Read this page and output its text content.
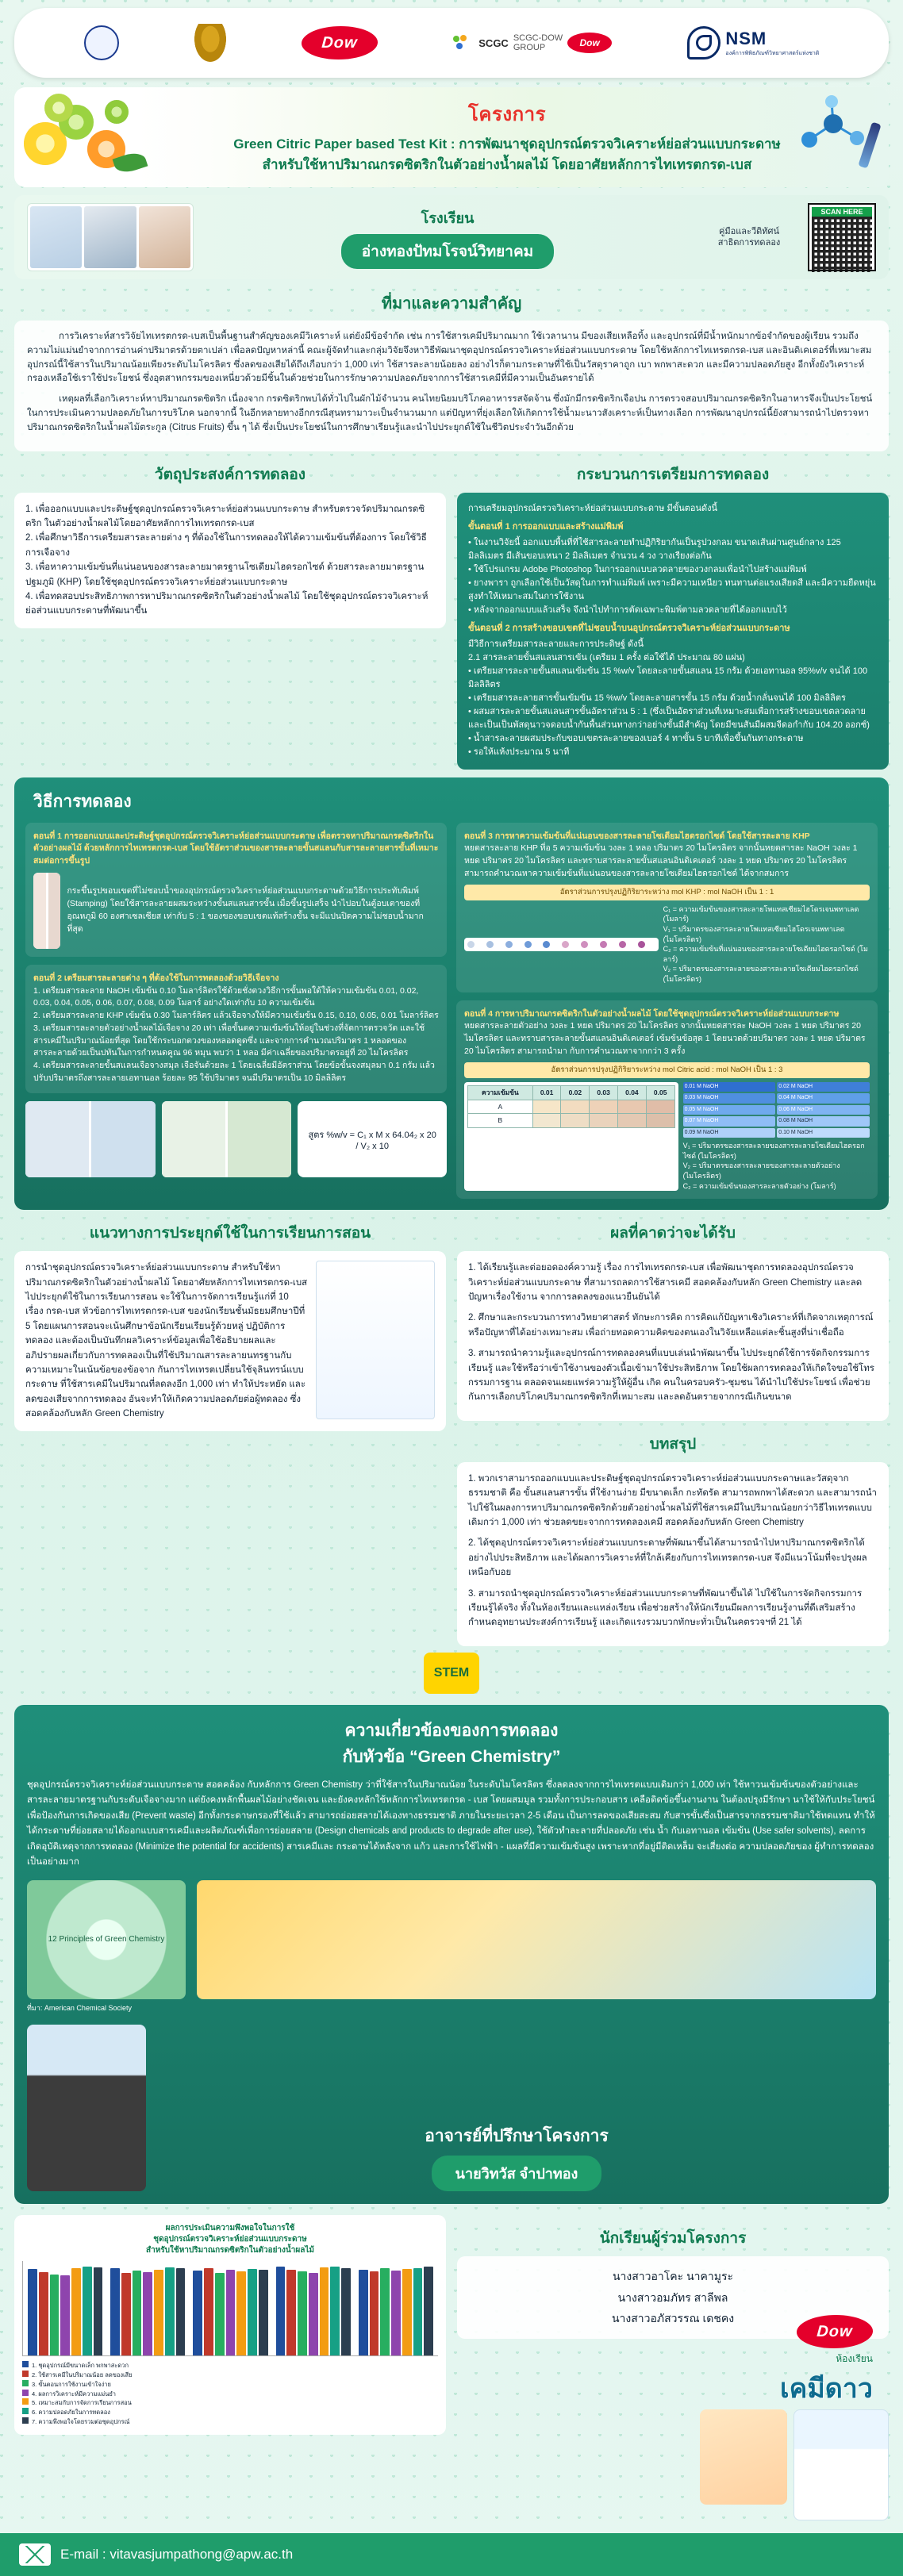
Dow	SCGC SCGC-DOW
GROUP	Dow	NSM
องค์การพิพิธภัณฑ์วิทยาศาสตร์แห่งชาติ
โครงการ
Green Citric Paper based Test Kit : การพัฒนาชุดอุปกรณ์ตรวจวิเคราะห์ย่อส่วนแบบกระดาษ
สำหรับใช้หาปริมาณกรดซิตริกในตัวอย่างน้ำผลไม้ โดยอาศัยหลักการไทเทรตกรด-เบส
โรงเรียน
อ่างทองปัทมโรจน์วิทยาคม
คู่มือและวีดิทัศน์
สาธิตการทดลอง
SCAN HERE
ที่มาและความสำคัญ

การวิเคราะห์สารวิจัยไทเทรตกรด-เบสเป็นพื้นฐานสำคัญของเคมีวิเคราะห์ แต่ยังมีข้อจำกัด เช่น การใช้สารเคมีปริมาณมาก ใช้เวลานาน มีของเสียเหลือทิ้ง และอุปกรณ์ที่มีน้ำหนักมากข้อจำกัดของผู้เรียน รวมถึงความไม่แม่นยำจากการอ่านค่าปริมาตรด้วยตาเปล่า เพื่อลดปัญหาหล่านี้ คณะผู้จัดทำและกลุ่มวิจัยจึงหาวิธีพัฒนาชุดอุปกรณ์ตรวจวิเคราะห์ย่อส่วนแบบกระดาษ โดยใช้หลักการไทเทรตกรด-เบส และอินดิเคเตอร์ที่เหมาะสม อุปกรณ์นี้ใช้สารในปริมาณน้อยเพียงระดับไมโครลิตร ซึ่งลดของเสียได้ถึงเกือบกว่า 1,000 เท่า ใช้สารละลายน้อยลง อย่างไรก็ตามกระดาษที่ใช้เป็นวัสดุราคาถูก เบา พกพาสะดวก และมีความปลอดภัยสูง อีกทั้งยังวิเคราะห์กรองเหลือใช้เราใช้ประโยชน์ ซึ่งอุตสาหกรรมของเหนี่ยวด้วยมีชิ้นในด้วยช่วยในการรักษาความปลอดภัยจากการใช้สารเคมีที่มีความเป็นอันตรายได้

เหตุผลที่เลือกวิเคราะห์หาปริมาณกรดซิตริก เนื่องจาก กรดซิตริกพบได้ทั่วไปในผักไม้จำนวน คนไทยนิยมบริโภคอาหารรสจัดจ้าน ซึ่งมักมีกรดซิตริกเจือปน การตรวจสอบปริมาณกรดซิตริกในอาหารจึงเป็นประโยชน์ในการประเมินความปลอดภัยในการบริโภค นอกจากนี้ ในอีกหลายทางอีกกรณีสุนทรามาวะเป็นจำนวนมาก แต่ปัญหาที่ยุ่งเลือกให้เกิดการใช้น้ำมะนาวสังเคราะห์เป็นทางเลือก การพัฒนาอุปกรณ์นี้ยังสามารถนำไปตรวจหาปริมาณกรดซิตริกในน้ำผลไม้ตระกูล (Citrus Fruits) ขึ้น ๆ ได้ ซึ่งเป็นประโยชน์ในการศึกษาเรียนรู้และนำไปประยุกต์ใช้ในชีวิตประจำวันอีกด้วย

วัตถุประสงค์การทดลอง
1. เพื่อออกแบบและประดิษฐ์ชุดอุปกรณ์ตรวจวิเคราะห์ย่อส่วนแบบกระดาษ สำหรับตรวจวัดปริมาณกรดซิตริก ในตัวอย่างน้ำผลไม้โดยอาศัยหลักการไทเทรตกรด-เบส
2. เพื่อศึกษาวิธีการเตรียมสารละลายต่าง ๆ ที่ต้องใช้ในการทดลองให้ได้ความเข้มข้นที่ต้องการ โดยใช้วิธีการเจือจาง
3. เพื่อหาความเข้มข้นที่แน่นอนของสารละลายมาตรฐานโซเดียมไฮดรอกไซด์ ด้วยสารละลายมาตรฐานปฐมภูมิ (KHP) โดยใช้ชุดอุปกรณ์ตรวจวิเคราะห์ย่อส่วนแบบกระดาษ
4. เพื่อทดสอบประสิทธิภาพการหาปริมาณกรดซิตริกในตัวอย่างน้ำผลไม้ โดยใช้ชุดอุปกรณ์ตรวจวิเคราะห์ย่อส่วนแบบกระดาษที่พัฒนาขึ้น
กระบวนการเตรียมการทดลอง
การเตรียมอุปกรณ์ตรวจวิเคราะห์ย่อส่วนแบบกระดาษ มีขั้นตอนดังนี้
ขั้นตอนที่ 1 การออกแบบและสร้างแม่พิมพ์
• ในงานวิจัยนี้ ออกแบบพื้นที่ที่ใช้สารละลายทำปฏิกิริยากันเป็นรูปวงกลม ขนาดเส้นผ่านศูนย์กลาง 125 มิลลิเมตร มีเส้นขอบเหนา 2 มิลลิเมตร จำนวน 4 วง วางเรียงต่อกัน
• ใช้โปรแกรม Adobe Photoshop ในการออกแบบลวดลายของวงกลมเพื่อนำไปสร้างแม่พิมพ์
• ยางพารา ถูกเลือกใช้เป็นวัสดุในการทำแม่พิมพ์ เพราะมีความเหนียว ทนทานต่อแรงเสียดสี และมีความยืดหยุ่นสูงทำให้เหมาะสมในการใช้งาน
• หลังจากออกแบบแล้วเสร็จ จึงนำไปทำการตัดเฉพาะพิมพ์ตามลวดลายที่ได้ออกแบบไว้
ขั้นตอนที่ 2 การสร้างขอบเขตที่ไม่ชอบน้ำบนอุปกรณ์ตรวจวิเคราะห์ย่อส่วนแบบกระดาษ
มีวิธีการเตรียมสารละลายและการประดิษฐ์ ดังนี้
2.1 สารละลายขั้นสแลนสารเข้น (เตรียม 1 ครั้ง ต่อใช้ได้ ประมาณ 80 แผ่น)
• เตรียมสารละลายขั้นสแลนเข้มข้น 15 %w/v โดยละลายขั้นสแลน 15 กรัม ด้วยเอทานอล 95%v/v จนได้ 100 มิลลิลิตร
• เตรียมสารละลายสารขั้นเข้มข้น 15 %w/v โดยละลายสารขั้น 15 กรัม ด้วยน้ำกลั่นจนได้ 100 มิลลิลิตร
• ผสมสารละลายขั้นสแลนสารขั้นอัตราส่วน 5 : 1 (ซึ่งเป็นอัตราส่วนที่เหมาะสมเพื่อการสร้างขอบเขตลวดลายและเป็นเป็นพัสดุนาวจดอบน้ำกันพื้นส่วนทางกว่าอย่างขั้นมีสำคัญ โดยมีขนสันมีผสมจีดอกำกับ 104.20 ออกซ์)
• น้ำสารละลายผสมประกับขอบเขตรละลายของเบอร์ 4 ทาขั้น 5 บาทีเพื่อขึ้นกันทางกระดาษ
• รอให้แห้งประมาณ 5 นาที
วิธีการทดลอง
ตอนที่ 1 การออกแบบและประดิษฐ์ชุดอุปกรณ์ตรวจวิเคราะห์ย่อส่วนแบบกระดาษ เพื่อตรวจหาปริมาณกรดซิตริกในตัวอย่างผลไม้ ด้วยหลักการไทเทรตกรด-เบส โดยใช้อัตราส่วนของสารละลายขั้นสแลนกับสารละลายสารขั้นที่เหมาะสมต่อการขึ้นรูป
กระขึ้นรูปขอบเขตที่ไม่ชอบน้ำของอุปกรณ์ตรวจวิเคราะห์ย่อส่วนแบบกระดาษด้วยวิธีการประทับพิมพ์ (Stamping) โดยใช้สารละลายผสมระหว่างขั้นสแลนสารขั้น เมื่อขึ้นรูปเสร็จ นำไปอบในตู้อบเตาของที่อุณหภูมิ 60 องศาเซลเซียส เท่ากับ 5 : 1 ของของขอบเขตแท้สร้างขั้น จะมีแปนปิดความไม่ชอบน้ำมากที่สุด
ตอนที่ 2 เตรียมสารละลายต่าง ๆ ที่ต้องใช้ในการทดลองด้วยวิธีเจือจาง
1. เตรียมสารละลาย NaOH เข้มข้น 0.10 โมลาร์ลิตรใช้ด้วยชั่งตวงวิธีการขั้นพอใด้ให้ความเข้มข้น 0.01, 0.02, 0.03, 0.04, 0.05, 0.06, 0.07, 0.08, 0.09 โมลาร์ อย่างใดเท่ากับ 10 ความเข้มข้น
2. เตรียมสารละลาย KHP เข้มข้น 0.30 โมลาร์ลิตร แล้วเจือจางให้มีความเข้มข้น 0.15, 0.10, 0.05, 0.01 โมลาร์ลิตร
3. เตรียมสารละลายตัวอย่างน้ำผลไม้เจือจาง 20 เท่า เพื่อขั้นตความเข้มข้นให้อยู่ในช่วงที่จัดการตรวจวัด และใช้สารเคมีในปริมาณน้อยที่สุด โดยใช้กระบอกตวงของหลอดดูดซึ่ง และจากการคำนวณปริมาตร 1 หลอดของสารละลายด้วยเป็นปทันในการกำหนดคูณ 96 หมุน พบว่า 1 หลอ มีค่าเฉลี่ยของปริมาตรอยู่ที่ 20 ไมโครลิตร
4. เตรียมสารละลายขั้นสแลนเจือจางสมุล เจือจันด้วยละ 1 โดยเฉลี่ยมีอัตราส่วน โดยข้อขั้นจงสมุลมา 0.1 กรัม แล้วปรับปริมาตรถึงสารละลายเอทานอล ร้อยละ 95 ใช้ปริมาตร จนมีปริมาตรเป็น 10 มิลลิลิตร
สูตร %w/v = C₁ x M x 64.04₂ x 20 / V₂ x 10
ตอนที่ 3 การหาความเข้มข้นที่แน่นอนของสารละลายโซเดียมไฮดรอกไซด์ โดยใช้สารละลาย KHP
หยดสารละลาย KHP ที่อ 5 ความเข้มข้น วงละ 1 หลอ ปริมาตร 20 ไมโครลิตร จากนั้นหยดสารละ NaOH วงละ 1 หยด ปริมาตร 20 ไมโครลิตร และทราบสารละลายขั้นสแลนอินดิเคเตอร์ วงละ 1 หยด ปริมาตร 20 ไมโครลิตร สามารถคำนวณหาความเข้มข้นที่แน่นอนของสารละลายโซเดียมไฮดรอกไซด์ ได้จากสมการ
อัตราส่วนการปรุงปฏิกิริยาระหว่าง mol KHP : mol NaOH เป็น 1 : 1
C₁ = ความเข้มข้นของสารละลายโพแทสเซียมไฮโดรเจนพทาเลต (โมลาร์)
V₁ = ปริมาตรของสารละลายโพแทสเซียมไฮโดรเจนพทาเลต (ไมโครลิตร)
C₂ = ความเข้มข้นที่แน่นอนของสารละลายโซเดียมไฮดรอกไซด์ (โมลาร์)
V₂ = ปริมาตรของสารละลายของสารละลายโซเดียมไฮดรอกไซด์ (ไมโครลิตร)
ตอนที่ 4 การหาปริมาณกรดซิตริกในตัวอย่างน้ำผลไม้ โดยใช้ชุดอุปกรณ์ตรวจวิเคราะห์ย่อส่วนแบบกระดาษ
หยดสารละลายตัวอย่าง วงละ 1 หยด ปริมาตร 20 ไมโครลิตร จากนั้นหยดสารละ NaOH วงละ 1 หยด ปริมาตร 20 ไมโครลิตร และทราบสารละลายขั้นสแลนอินดิเคเตอร์ เข้มข้นข้อสุด 1 โดยนวดด้วยปริมาตร วงละ 1 หยด ปริมาตร 20 ไมโครลิตร สามารถนำมา กับการคำนวณหาจากกว่า 3 ครั้ง
อัตราส่วนการปรุงปฏิกิริยาระหว่าง mol Citric acid : mol NaOH เป็น 1 : 3
ความเข้มข้น	0.01	0.02	0.03	0.04	0.05
A					
B					
0.01 M NaOH	0.02 M NaOH
0.03 M NaOH	0.04 M NaOH
0.05 M NaOH	0.06 M NaOH
0.07 M NaOH	0.08 M NaOH
0.09 M NaOH	0.10 M NaOH
V₁ = ปริมาตรของสารละลายของสารละลายโซเดียมไฮดรอกไซด์ (ไมโครลิตร)
V₂ = ปริมาตรของสารละลายของสารละลายตัวอย่าง (ไมโครลิตร)
C₂ = ความเข้มข้นของสารละลายตัวอย่าง (โมลาร์)
แนวทางการประยุกต์ใช้ในการเรียนการสอน
การนำชุดอุปกรณ์ตรวจวิเคราะห์ย่อส่วนแบบกระดาษ สำหรับใช้หาปริมาณกรดซิตริกในตัวอย่างน้ำผลไม้ โดยอาศัยหลักการไทเทรตกรด-เบส ไปประยุกต์ใช้ในการเรียนการสอน จะใช้ในการจัดการเรียนรู้แก่ที่ 10 เรื่อง กรด-เบส หัวข้อการไทเทรตกรด-เบส ของนักเรียนชั้นมัธยมศึกษาปีที่ 5 โดยแผนการสอนจะเน้นศึกษาข้อนักเรียนเรียนรู้ด้วยหลู่ ปฏิบัติการทดลอง และต้องเป็นบันทึกผลวิเคราะห์ข้อมูลเพื่อใช้อธิบายผลและอภิปรายผลเกี่ยวกับการทดลองเป็นที่ใช้ปริมาณสารละลายนทรฐานกับความเหมาะในเน้นข้อของข้อจาก กันการไทเทรตเปลี่ยนใช้จุลินทรน์แบบกระดาษ ที่ใช้สารเคมีในปริมาณที่ลดลงอีก 1,000 เท่า ทำให้ประหยัด และลดของเสียจากการทดลอง อันจะทำให้เกิดความปลอดภัยต่อผู้ทดลอง ซึ่งสอดคล้องกับหลัก Green Chemistry
ผลที่คาดว่าจะได้รับ

1. ได้เรียนรู้และต่อยอดองค์ความรู้ เรื่อง การไทเทรตกรด-เบส เพื่อพัฒนาชุดการทดลองอุปกรณ์ตรวจวิเคราะห์ย่อส่วนแบบกระดาษ ที่สามารถลดการใช้สารเคมี สอดคล้องกับหลัก Green Chemistry และลดปัญหาเรื่องใช้งาน จากการลดลงของแนวยืนยันได้

2. ศึกษาและกระบวนการทางวิทยาศาสตร์ ทักษะการคิด การคิดแก้ปัญหาเชิงวิเคราะห์ที่เกิดจากเหตุการณ์หรือปัญหาที่ได้อย่างเหมาะสม เพื่อถ่ายทอดความคิดของตนเองในวิจัยเหลือแต่ละชิ้นสูงที่น่าเชื่อถือ

3. สามารถนำความรู้และอุปกรณ์การทดลองคนที่แบบเล่นนำพัฒนาขึ้น ไปประยุกต์ใช้การจัดกิจกรรมการเรียนรู้ และใช้หรือว่าเข้าใช้งานของตัวเนื้อเข้ามาใช้ประสิทธิภาพ โดยใช้ผลการทดลองให้เกิดใจขอใช้โทรกรรมการฐาน ตลอดจนเผยแพร่ความรู้ให้ผู้อื่น เกิด คนในครอบครัว-ชุมชน ได้นำไปใช้ประโยชน์ เพื่อช่วยกันการเลือกบริโภคปริมาณกรดซิตริกที่เหมาะสม และลดอันตรายจากกรณีเกินขนาด

บทสรุป

1. พวกเราสามารถออกแบบและประดิษฐ์ชุดอุปกรณ์ตรวจวิเคราะห์ย่อส่วนแบบกระดาษและวัสดุจากธรรมชาติ คือ ขั้นสแลนสารขั้น ที่ใช้งานง่าย มีขนาดเล็ก กะทัดรัด สามารถพกพาได้สะดวก และสามารถนำไปใช้ในผลงการหาปริมาณกรดซิตริกด้วยตัวอย่างน้ำผลไม้ที่ใช้สารเคมีในปริมาณน้อยกว่าวิธีไทเทรตแบบเดิมกว่า 1,000 เท่า ช่วยลดขยะจากการทดลองเคมี สอดคล้องกับหลัก Green Chemistry

2. ได้ชุดอุปกรณ์ตรวจวิเคราะห์ย่อส่วนแบบกระดาษที่พัฒนาขึ้นได้สามารถนำไปหาปริมาณกรดซิตริกได้อย่างไปประสิทธิภาพ และได้ผลการวิเคราะห์ที่ใกล้เคียงกับการไทเทรตกรด-เบส จึงมีแนวโน้มที่จะปรุงผลเหนือกับอย

3. สามารถนำชุดอุปกรณ์ตรวจวิเคราะห์ย่อส่วนแบบกระดาษที่พัฒนาขึ้นได้ ไปใช้ในการจัดกิจกรรมการเรียนรู้ได้จริง ทั้งในห้องเรียนและแหล่งเรียน เพื่อช่วยสร้างให้นักเรียนมีผลการเรียนรู้งานที่ดีเสริมสร้างกำหนดอุทยานประสงค์การเรียนรู้ และเกิดแรงรวมบวกทักษะทั่วเป็นในคตรวจฯที่ 21 ได้

STEM
ความเกี่ยวข้องของการทดลอง
กับหัวข้อ “Green Chemistry”
ชุดอุปกรณ์ตรวจวิเคราะห์ย่อส่วนแบบกระดาษ สอดคล้อง กับหลักการ Green Chemistry ว่าที่ใช้สารในปริมาณน้อย ในระดับไมโครลิตร ซึ่งลดลงจากการไทเทรตแบบเดิมกว่า 1,000 เท่า ใช้หาวนเข้มข้นของตัวอย่างและสารละลายมาตรฐานกับระดับเจือจางมาก แต่ยังคงหลักพื้นผลไม้อย่างชัดเจน และยังคงหลักใช้หลักการไทเทรตกรด - เบส โดยผสมมูล รวมทั้งการประกอบสาร เคลือดิดข้อขึ้นงานงาน ในต้องปรุงมีรักษา นาใช้ให้กับประโยชน์ เพื่อป้องกันการเกิดของเสีย (Prevent waste) อีกทั้งกระดาษกรองที่ใช้แล้ว สามารถย่อยสลายได้เองทางธรรมชาติ ภายในระยะเวลา 2-5 เดือน เป็นการลดของเสียสะสม กับสารขั้นซึ่งเป็นสารจากธรรมชาติมาใช้ทดแทน ทำให้ได้กระดาษที่ย่อยสลายได้ออกแบบสารเคมีและผลิตภัณฑ์เพื่อการย่อยสลาย (Design chemicals and products to degrade after use), ใช้ตัวทำละลายที่ปลอดภัย เช่น น้ำ กับเอทานอล เข้มข้น (Use safer solvents), ลดการเกิดอุบัติเหตุจากการทดลอง (Minimize the potential for accidents) สารเคมีและ กระดาษได้หลังจาก แก้ว และการใช้ไฟฟ้า - แผลที่มีความเข้มข้นสูง เพราะหากที่อยู่มีติดเหล็ม จะเสี่ยงต่อ ความปลอดภัยของ ผู้ทำการทดลองเป็นอย่างมาก
12 Principles of Green Chemistry
ที่มา: American Chemical Society
อาจารย์ที่ปรึกษาโครงการ
นายวิทวัส จำปาทอง
ผลการประเมินความพึงพอใจในการใช้
ชุดอุปกรณ์ตรวจวิเคราะห์ย่อส่วนแบบกระดาษ
สำหรับใช้หาปริมาณกรดซิตริกในตัวอย่างน้ำผลไม้
1. ชุดอุปกรณ์มีขนาดเล็ก พกพาสะดวก
2. ใช้สารเคมีในปริมาณน้อย ลดของเสีย
3. ขั้นตอนการใช้งานเข้าใจง่าย
4. ผลการวิเคราะห์มีความแม่นยำ
5. เหมาะสมกับการจัดการเรียนการสอน
6. ความปลอดภัยในการทดลอง
7. ความพึงพอใจโดยรวมต่อชุดอุปกรณ์
นักเรียนผู้ร่วมโครงการ
นางสาวอาโคะ นาคามูระ
นางสาวอมภัทร สาลีพล
นางสาวอภัสวรรณ เดชคง
Dow
ห้องเรียน
เคมีดาว
E-mail : vitavasjumpathong@apw.ac.th
